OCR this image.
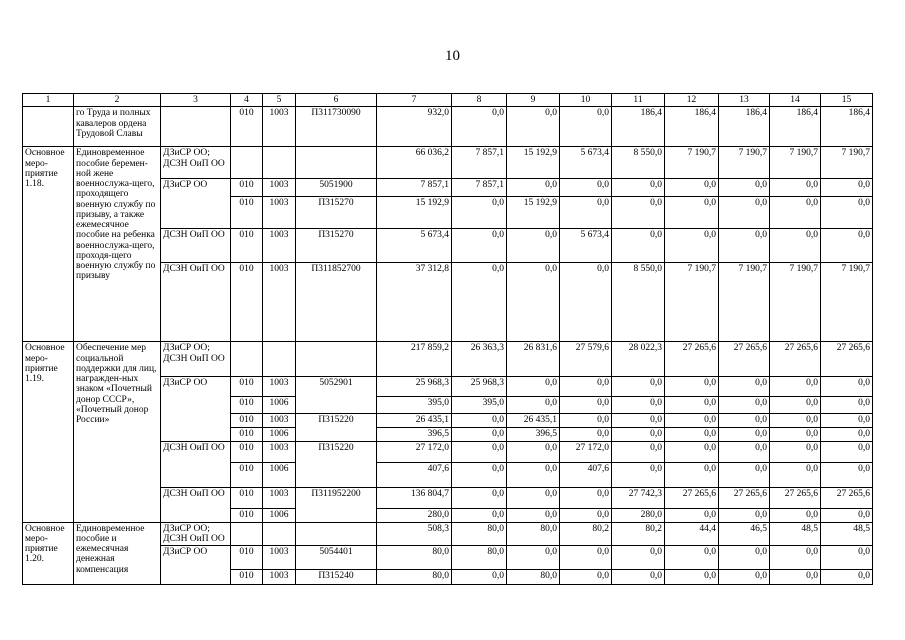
10
1	2	3	4	5	6	7	8	9	10	11	12	13	14	15
	го Труда и полных кавалеров ордена Трудовой Славы		010	1003	П311730090	932,0	0,0	0,0	0,0	186,4	186,4	186,4	186,4	186,4
Основное меро-приятие 1.18.	Единовременное пособие беремен-ной жене военнослужа-щего, проходящего военную службу по призыву, а также ежемесячное пособие на ребенка военнослужа-щего, проходя-щего военную службу по призыву	ДЗиСР ОО; ДСЗН ОиП ОО				66 036,2	7 857,1	15 192,9	5 673,4	8 550,0	7 190,7	7 190,7	7 190,7	7 190,7
		ДЗиСР ОО	010	1003	5051900	7 857,1	7 857,1	0,0	0,0	0,0	0,0	0,0	0,0	0,0
			010	1003	П315270	15 192,9	0,0	15 192,9	0,0	0,0	0,0	0,0	0,0	0,0
		ДСЗН ОиП ОО	010	1003	П315270	5 673,4	0,0	0,0	5 673,4	0,0	0,0	0,0	0,0	0,0
		ДСЗН ОиП ОО	010	1003	П311852700	37 312,8	0,0	0,0	0,0	8 550,0	7 190,7	7 190,7	7 190,7	7 190,7
Основное меро-приятие 1.19.	Обеспечение мер социальной поддержки для лиц, награжден-ных знаком «Почетный донор СССР», «Почетный донор России»	ДЗиСР ОО; ДСЗН ОиП ОО				217 859,2	26 363,3	26 831,6	27 579,6	28 022,3	27 265,6	27 265,6	27 265,6	27 265,6
		ДЗиСР ОО	010	1003	5052901	25 968,3	25 968,3	0,0	0,0	0,0	0,0	0,0	0,0	0,0
			010	1006		395,0	395,0	0,0	0,0	0,0	0,0	0,0	0,0	0,0
			010	1003	П315220	26 435,1	0,0	26 435,1	0,0	0,0	0,0	0,0	0,0	0,0
			010	1006		396,5	0,0	396,5	0,0	0,0	0,0	0,0	0,0	0,0
		ДСЗН ОиП ОО	010	1003	П315220	27 172,0	0,0	0,0	27 172,0	0,0	0,0	0,0	0,0	0,0
			010	1006		407,6	0,0	0,0	407,6	0,0	0,0	0,0	0,0	0,0
		ДСЗН ОиП ОО	010	1003	П311952200	136 804,7	0,0	0,0	0,0	27 742,3	27 265,6	27 265,6	27 265,6	27 265,6
			010	1006		280,0	0,0	0,0	0,0	280,0	0,0	0,0	0,0	0,0
Основное меро-приятие 1.20.	Единовременное пособие и ежемесячная денежная компенсация	ДЗиСР ОО; ДСЗН ОиП ОО				508,3	80,0	80,0	80,2	80,2	44,4	46,5	48,5	48,5
		ДЗиСР ОО	010	1003	5054401	80,0	80,0	0,0	0,0	0,0	0,0	0,0	0,0	0,0
			010	1003	П315240	80,0	0,0	80,0	0,0	0,0	0,0	0,0	0,0	0,0
